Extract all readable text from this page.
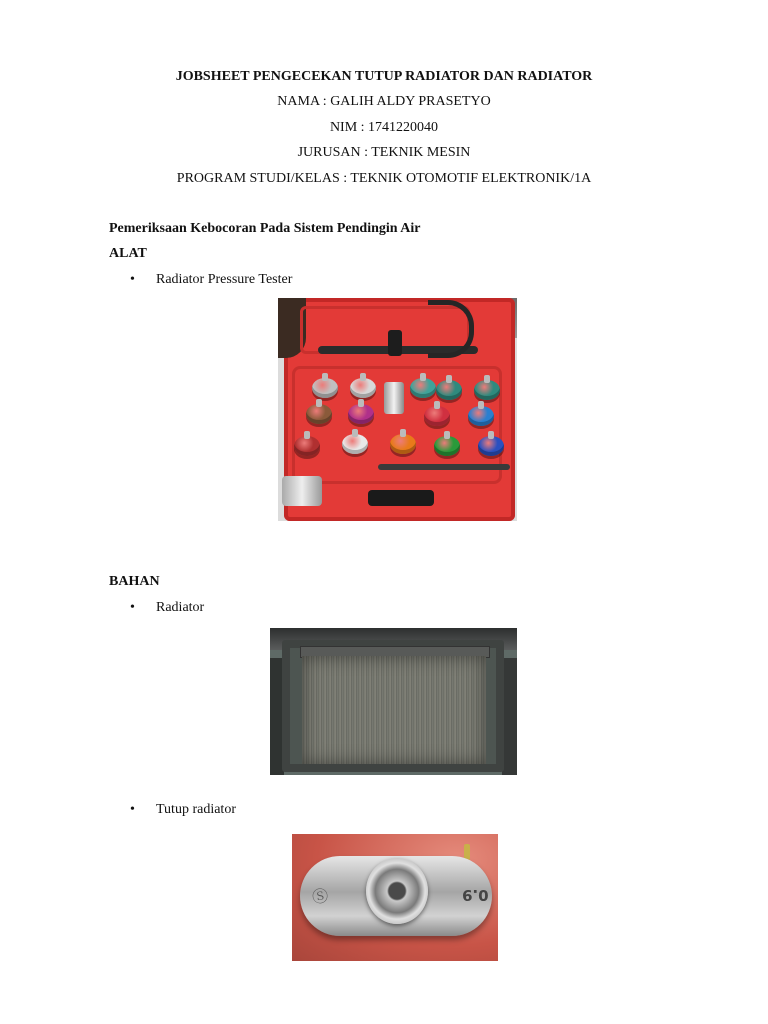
JOBSHEET PENGECEKAN TUTUP RADIATOR DAN RADIATOR
NAMA : GALIH ALDY PRASETYO
NIM : 1741220040
JURUSAN : TEKNIK MESIN
PROGRAM STUDI/KELAS : TEKNIK OTOMOTIF ELEKTRONIK/1A
Pemeriksaan Kebocoran Pada Sistem Pendingin Air
ALAT
• Radiator Pressure Tester
BAHAN
• Radiator
• Tutup radiator
Ⓢ	0.9
